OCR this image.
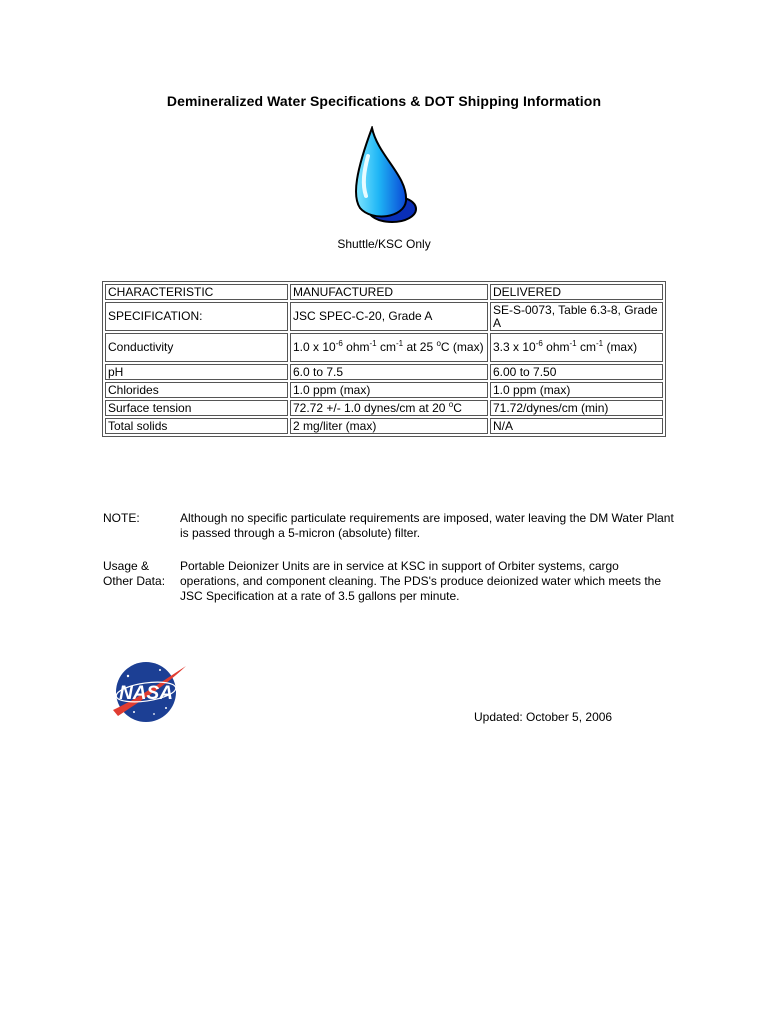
Demineralized Water Specifications & DOT Shipping Information
Shuttle/KSC Only
CHARACTERISTIC	MANUFACTURED	DELIVERED
SPECIFICATION:	JSC SPEC-C-20, Grade A	SE-S-0073, Table 6.3-8, Grade A
Conductivity	1.0 x $10^{-6}$ ohm$^{-1}$ $cm^{-1}$ at 25 $^o$C (max)	3.3 x $10^{-6}$ ohm$^{-1}$ $cm^{-1}$ (max)
pH	6.0 to 7.5	6.00 to 7.50
Chlorides	1.0 ppm (max)	1.0 ppm (max)
Surface tension	72.72 +/- 1.0 dynes/cm at 20 $^o$C	71.72/dynes/cm (min)
Total solids	2 mg/liter (max)	N/A
NOTE:	Although no specific particulate requirements are imposed, water leaving the DM Water Plant is passed through a 5-micron (absolute) filter.
Usage &
Other Data:
Portable Deionizer Units are in service at KSC in support of Orbiter systems, cargo operations, and component cleaning. The PDS's produce deionized water which meets the JSC Specification at a rate of 3.5 gallons per minute.
NASA
Updated: October 5, 2006
